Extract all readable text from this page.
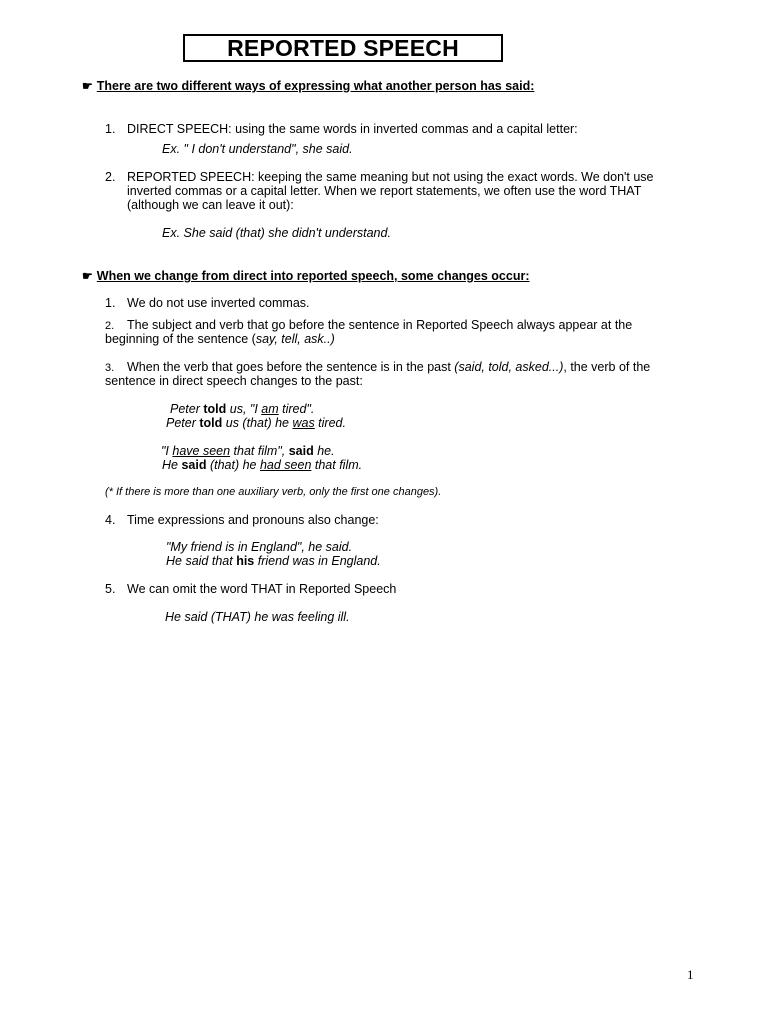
REPORTED SPEECH
☛ There are two different ways of expressing what another person has said:
1. DIRECT SPEECH: using the same words in inverted commas and a capital letter:
Ex. " I don't understand", she said.
2. REPORTED SPEECH: keeping the same meaning but not using the exact words. We don't use
inverted commas or a capital letter. When we report statements, we often use the word THAT
(although we can leave it out):
Ex. She said (that) she didn't understand.
☛ When we change from direct into reported speech, some changes occur:
1. We do not use inverted commas.
2. The subject and verb that go before the sentence in Reported Speech always appear at the
beginning of the sentence (say, tell, ask..)
3. When the verb that goes before the sentence is in the past (said, told, asked...), the verb of the
sentence in direct speech changes to the past:
Peter told us, "I am tired".
Peter told us (that) he was tired.
"I have seen that film", said he.
He said (that) he had seen that film.
(* If there is more than one auxiliary verb, only the first one changes).
4. Time expressions and pronouns also change:
"My friend is in England", he said.
He said that his friend was in England.
5. We can omit the word THAT in Reported Speech
He said (THAT) he was feeling ill.
1
